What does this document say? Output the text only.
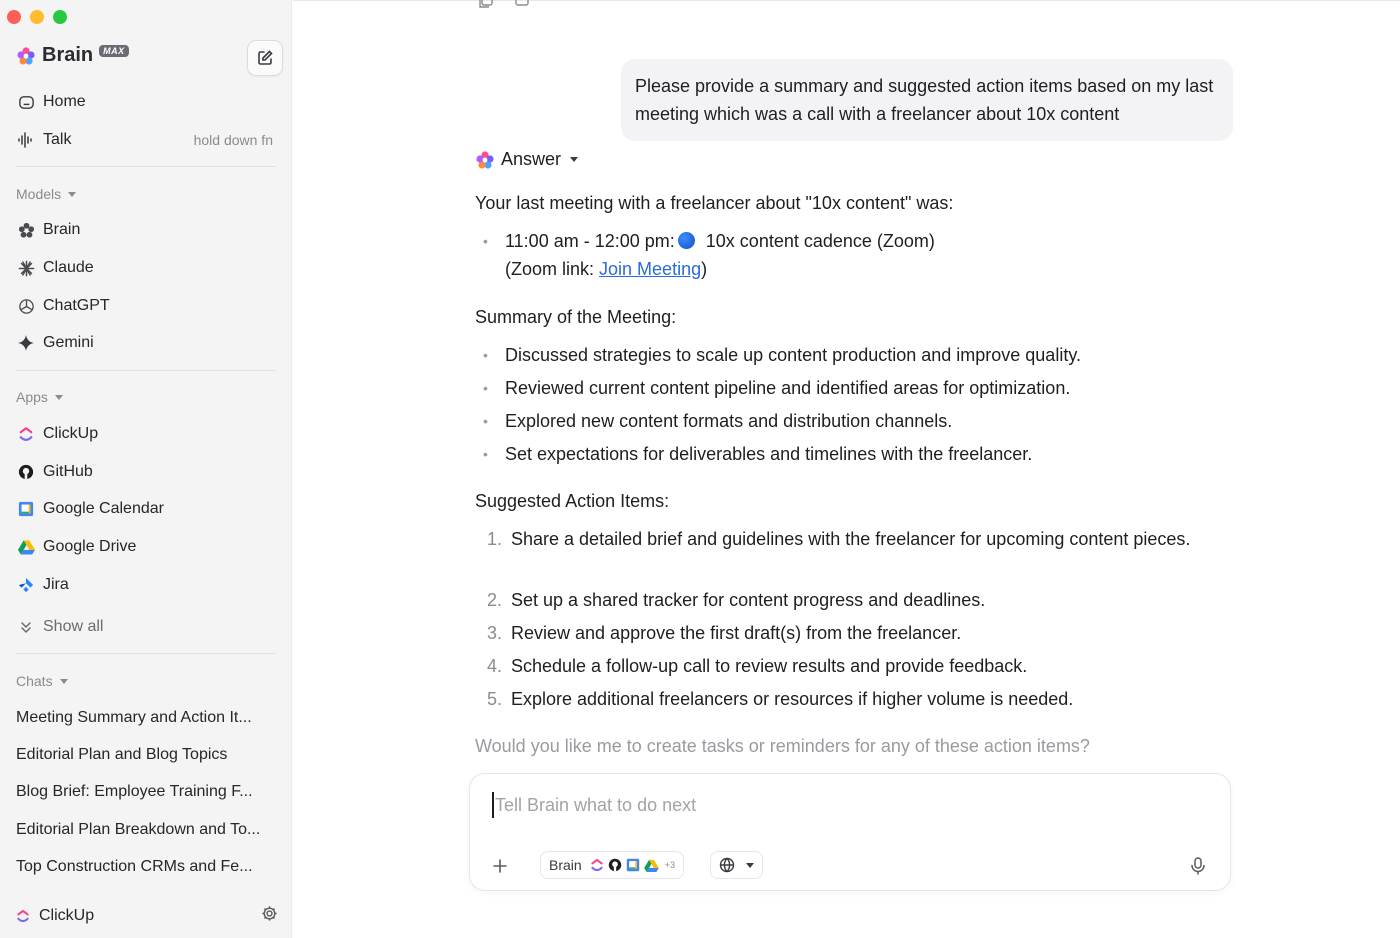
Brain	MAX
Home
Talk	hold down fn
Models
Brain
Claude
ChatGPT
Gemini
Apps
ClickUp
GitHub
Google Calendar
Google Drive
Jira
Show all
Chats
Meeting Summary and Action It...
Editorial Plan and Blog Topics
Blog Brief: Employee Training F...
Editorial Plan Breakdown and To...
Top Construction CRMs and Fe...
ClickUp
Please provide a summary and suggested action items based on my last meeting which was a call with a freelancer about 10x content
Answer
Your last meeting with a freelancer about "10x content" was:
• 11:00 am - 12:00 pm: 10x content cadence (Zoom)
(Zoom link: Join Meeting)
Summary of the Meeting:
• Discussed strategies to scale up content production and improve quality.
• Reviewed current content pipeline and identified areas for optimization.
• Explored new content formats and distribution channels.
• Set expectations for deliverables and timelines with the freelancer.
Suggested Action Items:
1. Share a detailed brief and guidelines with the freelancer for upcoming content pieces.
2. Set up a shared tracker for content progress and deadlines.
3. Review and approve the first draft(s) from the freelancer.
4. Schedule a follow-up call to review results and provide feedback.
5. Explore additional freelancers or resources if higher volume is needed.
Would you like me to create tasks or reminders for any of these action items?
Tell Brain what to do next
Brain	+3
